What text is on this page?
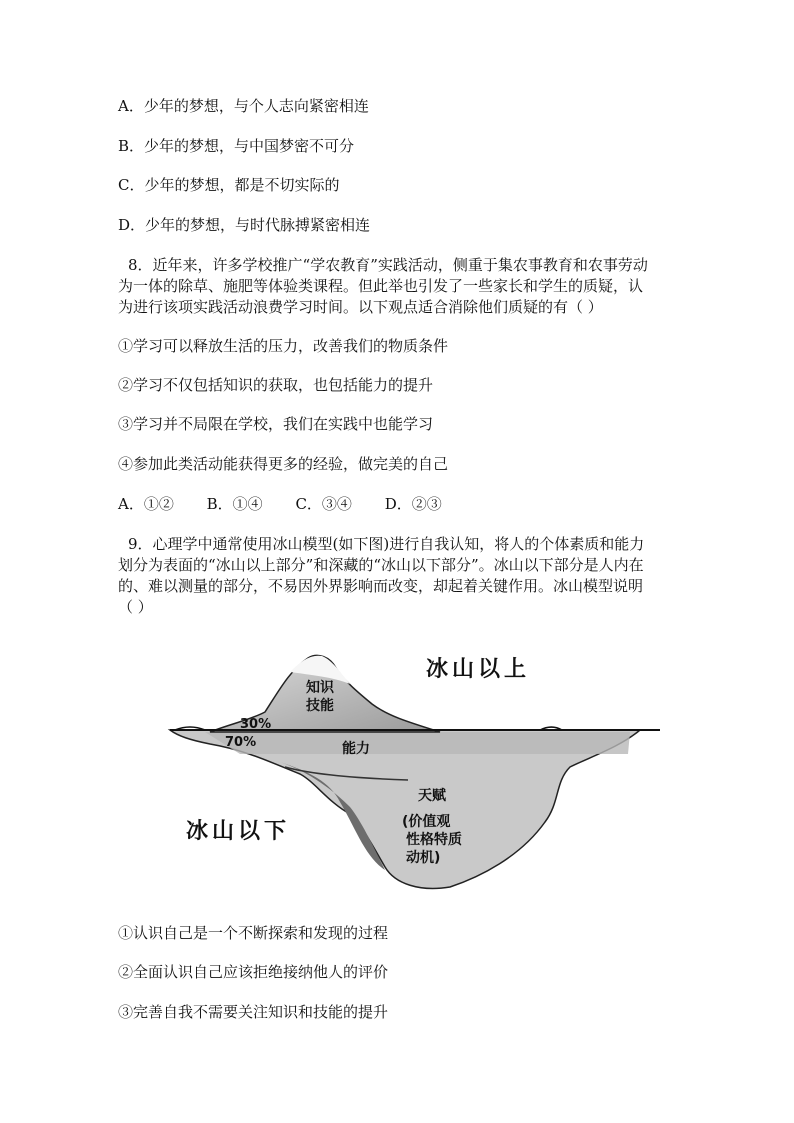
A．少年的梦想，与个人志向紧密相连
B．少年的梦想，与中国梦密不可分
C．少年的梦想，都是不切实际的
D．少年的梦想，与时代脉搏紧密相连

8．近年来，许多学校推广“学农教育”实践活动，侧重于集农事教育和农事劳动

为一体的除草、施肥等体验类课程。但此举也引发了一些家长和学生的质疑，认

为进行该项实践活动浪费学习时间。以下观点适合消除他们质疑的有（ ）

①学习可以释放生活的压力，改善我们的物质条件
②学习不仅包括知识的获取，也包括能力的提升
③学习并不局限在学校，我们在实践中也能学习
④参加此类活动能获得更多的经验，做完美的自己
A．①② B．①④ C．③④ D．②③

9．心理学中通常使用冰山模型(如下图)进行自我认知，将人的个体素质和能力

划分为表面的“冰山以上部分”和深藏的“冰山以下部分”。冰山以下部分是人内在

的、难以测量的部分，不易因外界影响而改变，却起着关键作用。冰山模型说明

（ ）

冰山以上
冰山以下
知识
技能
30%
70%	能力
天赋
(价值观
性格特质
动机)
①认识自己是一个不断探索和发现的过程
②全面认识自己应该拒绝接纳他人的评价
③完善自我不需要关注知识和技能的提升
